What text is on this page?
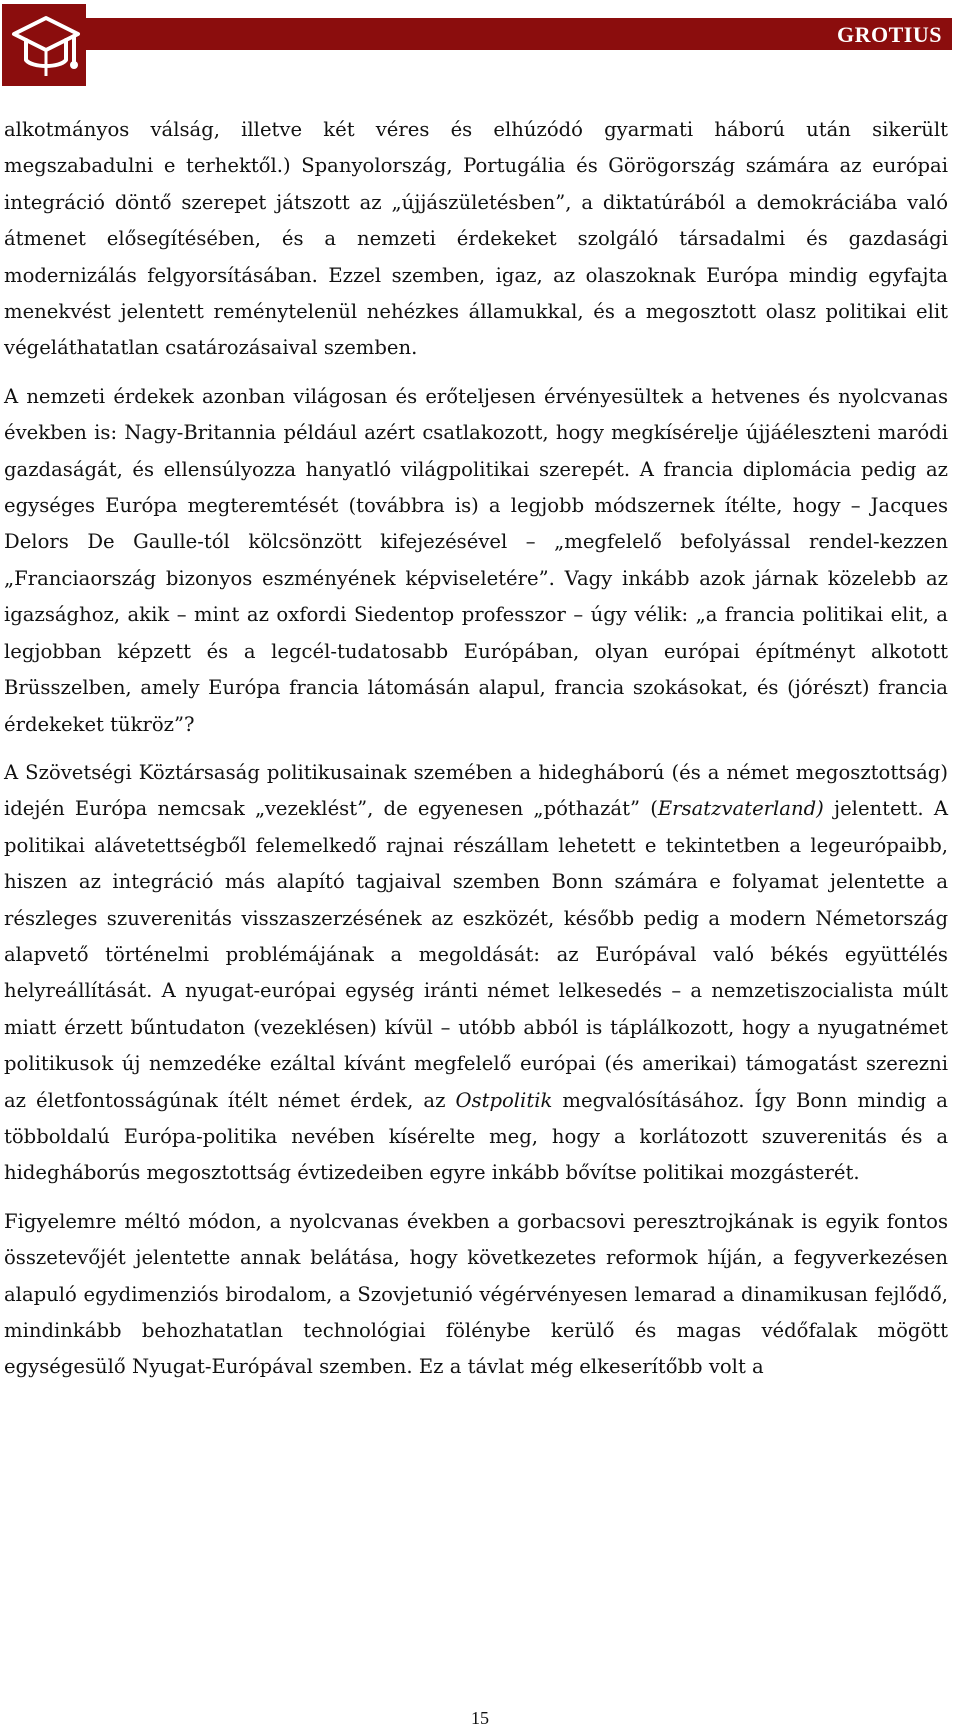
GROTIUS

alkotmányos válság, illetve két véres és elhúzódó gyarmati háború után sikerült megszabadulni e terhektől.) Spanyolország, Portugália és Görögország számára az európai integráció döntő szerepet játszott az „újjászületésben”, a diktatúrából a demokráciába való átmenet elősegítésében, és a nemzeti érdekeket szolgáló társadalmi és gazdasági modernizálás felgyorsításában. Ezzel szemben, igaz, az olaszoknak Európa mindig egyfajta menekvést jelentett reménytelenül nehézkes államukkal, és a megosztott olasz politikai elit végeláthatatlan csatározásaival szemben.

A nemzeti érdekek azonban világosan és erőteljesen érvényesültek a hetvenes és nyolcvanas években is: Nagy-Britannia például azért csatlakozott, hogy megkísérelje újjáéleszteni maródi gazdaságát, és ellensúlyozza hanyatló világpolitikai szerepét. A francia diplomácia pedig az egységes Európa megteremtését (továbbra is) a legjobb módszernek ítélte, hogy – Jacques Delors De Gaulle-tól kölcsönzött kifejezésével – „megfelelő befolyással rendel-kezzen „Franciaország bizonyos eszményének képviseletére”. Vagy inkább azok járnak közelebb az igazsághoz, akik – mint az oxfordi Siedentop professzor – úgy vélik: „a francia politikai elit, a legjobban képzett és a legcél-tudatosabb Európában, olyan európai építményt alkotott Brüsszelben, amely Európa francia látomásán alapul, francia szokásokat, és (jórészt) francia érdekeket tükröz”?

A Szövetségi Köztársaság politikusainak szemében a hidegháború (és a német megosztottság) idején Európa nemcsak „vezeklést”, de egyenesen „póthazát” (Ersatzvaterland) jelentett. A politikai alávetettségből felemelkedő rajnai részállam lehetett e tekintetben a legeurópaibb, hiszen az integráció más alapító tagjaival szemben Bonn számára e folyamat jelentette a részleges szuverenitás visszaszerzésének az eszközét, később pedig a modern Németország alapvető történelmi problémájának a megoldását: az Európával való békés együttélés helyreállítását. A nyugat-európai egység iránti német lelkesedés – a nemzetiszocialista múlt miatt érzett bűntudaton (vezeklésen) kívül – utóbb abból is táplálkozott, hogy a nyugatnémet politikusok új nemzedéke ezáltal kívánt megfelelő európai (és amerikai) támogatást szerezni az életfontosságúnak ítélt német érdek, az Ostpolitik megvalósításához. Így Bonn mindig a többoldalú Európa-politika nevében kísérelte meg, hogy a korlátozott szuverenitás és a hidegháborús megosztottság évtizedeiben egyre inkább bővítse politikai mozgásterét.

Figyelemre méltó módon, a nyolcvanas években a gorbacsovi peresztrojkának is egyik fontos összetevőjét jelentette annak belátása, hogy következetes reformok híján, a fegyverkezésen alapuló egydimenziós birodalom, a Szovjetunió végérvényesen lemarad a dinamikusan fejlődő, mindinkább behozhatatlan technológiai fölénybe kerülő és magas védőfalak mögött egységesülő Nyugat-Európával szemben. Ez a távlat még elkeserítőbb volt a

15
